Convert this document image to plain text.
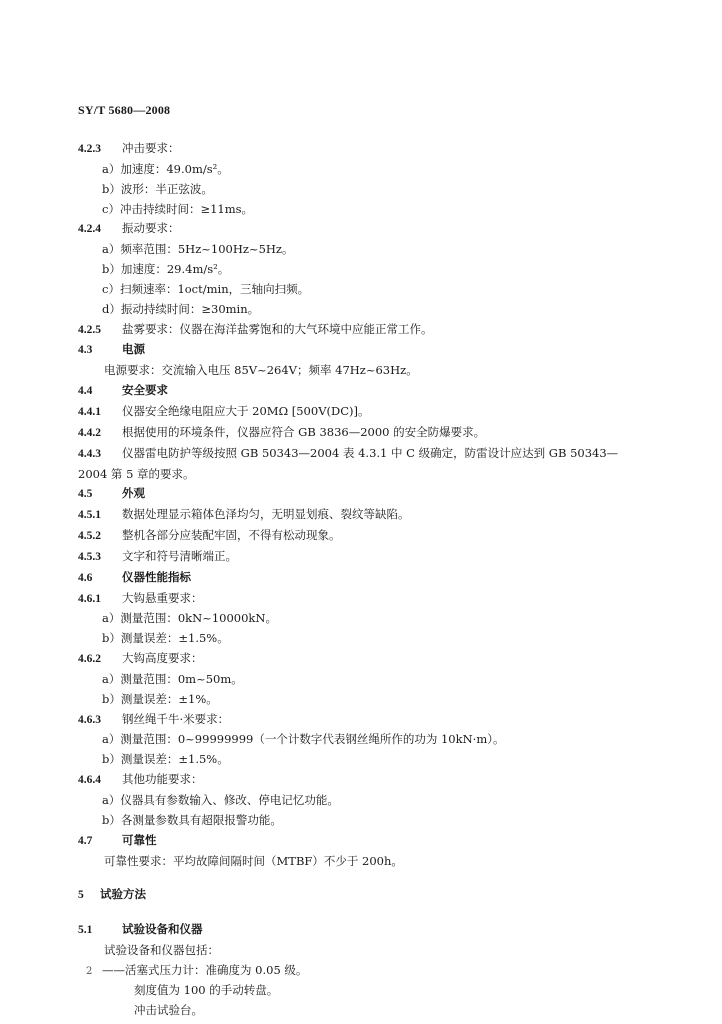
SY/T 5680—2008
4.2.3 冲击要求：
a）加速度：49.0m/s²。
b）波形：半正弦波。
c）冲击持续时间：≥11ms。
4.2.4 振动要求：
a）频率范围：5Hz~100Hz~5Hz。
b）加速度：29.4m/s²。
c）扫频速率：1oct/min，三轴向扫频。
d）振动持续时间：≥30min。
4.2.5 盐雾要求：仪器在海洋盐雾饱和的大气环境中应能正常工作。
4.3	电源
电源要求：交流输入电压 85V~264V；频率 47Hz~63Hz。
4.4	安全要求
4.4.1 仪器安全绝缘电阻应大于 20MΩ [500V(DC)]。
4.4.2 根据使用的环境条件，仪器应符合 GB 3836—2000 的安全防爆要求。
4.4.3 仪器雷电防护等级按照 GB 50343—2004 表 4.3.1 中 C 级确定，防雷设计应达到 GB 50343—
2004 第 5 章的要求。
4.5	外观
4.5.1 数据处理显示箱体色泽均匀，无明显划痕、裂纹等缺陷。
4.5.2 整机各部分应装配牢固，不得有松动现象。
4.5.3 文字和符号清晰端正。
4.6	仪器性能指标
4.6.1 大钩悬重要求：
a）测量范围：0kN~10000kN。
b）测量误差：±1.5%。
4.6.2 大钩高度要求：
a）测量范围：0m~50m。
b）测量误差：±1%。
4.6.3 钢丝绳千牛·米要求：
a）测量范围：0~99999999（一个计数字代表钢丝绳所作的功为 10kN·m）。
b）测量误差：±1.5%。
4.6.4 其他功能要求：
a）仪器具有参数输入、修改、停电记忆功能。
b）各测量参数具有超限报警功能。
4.7	可靠性
可靠性要求：平均故障间隔时间（MTBF）不少于 200h。
5 试验方法
5.1	试验设备和仪器
试验设备和仪器包括：
——活塞式压力计：准确度为 0.05 级。
刻度值为 100 的手动转盘。
冲击试验台。
2
